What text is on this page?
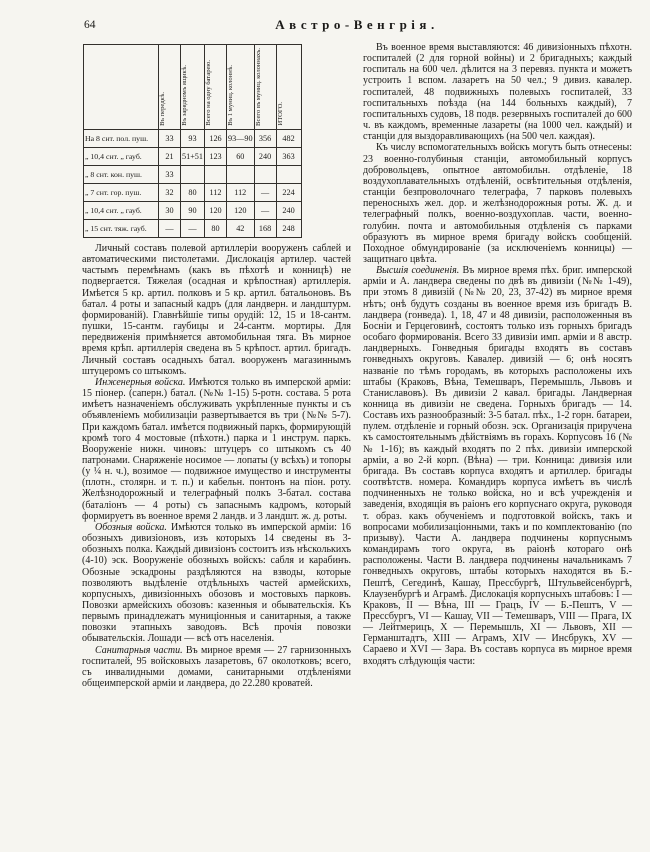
64	Австро-Венгрія.
	Въ передкѣ.	Въ зарядномъ ящикѣ.	Всего на одну батарею.	Въ 1 муниц. колоннѣ.	Всего въ муниц. колоннахъ.	ИТОГО.
На 8 снт. пол. пуш.	33	93	126	93—90	356	482
„ 10,4 снт. „ гауб.	21	51+51	123	60	240	363
„ 8 снт. кон. пуш.	33					
„ 7 снт. гор. пуш.	32	80	112	112	—	224
„ 10,4 снт. „ гауб.	30	90	120	120	—	240
„ 15 снт. тяж. гауб.	—	—	80	42	168	248

Личный составъ полевой артиллеріи вооруженъ саблей и автоматическими пистолетами. Дислокація артилер. частей частымъ перемѣнамъ (какъ въ пѣхотѣ и конницѣ) не подвергается. Тяжелая (осадная и крѣпостная) артиллерія. Имѣется 5 кр. артил. полковъ и 5 кр. артил. батальоновъ. Въ батал. 4 роты и запасный кадръ (для ландверн. и ландштурм. формированій). Главнѣйшіе типы орудій: 12, 15 и 18-сантм. пушки, 15-сантм. гаубицы и 24-сантм. мортиры. Для передвиженія примѣняется автомобильная тяга. Въ мирное время крѣп. артиллерія сведена въ 5 крѣпост. артил. бригадъ. Личный составъ осадныхъ батал. вооруженъ магазиннымъ штуцеромъ со штыкомъ.

Инженерныя войска. Имѣются только въ имперской арміи: 15 піонер. (саперн.) батал. (№№ 1-15) 5-ротн. состава. 5 рота имѣетъ назначеніемъ обслуживать укрѣпленные пункты и съ объявленіемъ мобилизаціи развертывается въ три (№№ 5-7). При каждомъ батал. имѣется подвижный паркъ, формирующій кромѣ того 4 мостовые (пѣхотн.) парка и 1 инструм. паркъ. Вооруженіе нижн. чиновъ: штуцеръ со штыкомъ съ 40 патронами. Снаряженіе носимое — лопаты (у всѣхъ) и топоры (у ¼ н. ч.), возимое — подвижное имущество и инструменты (плотн., столярн. и т. п.) и кабельн. понтонъ на піон. роту. Желѣзнодорожный и телеграфный полкъ 3-батал. состава (баталіонъ — 4 роты) съ запаснымъ кадромъ, который формируетъ въ военное время 2 ландв. и 3 ландшт. ж. д. роты.

Обозныя войска. Имѣются только въ имперской арміи: 16 обозныхъ дивизіоновъ, изъ которыхъ 14 сведены въ 3-обозныхъ полка. Каждый дивизіонъ состоитъ изъ нѣсколькихъ (4-10) эск. Вооруженіе обозныхъ войскъ: сабля и карабинъ. Обозные эскадроны раздѣляются на взводы, которые позволяютъ выдѣленіе отдѣльныхъ частей армейскихъ, корпусныхъ, дивизіонныхъ обозовъ и мостовыхъ парковъ. Повозки армейскихъ обозовъ: казенныя и обывательскія. Къ первымъ принадлежатъ муниціонныя и санитарныя, а также повозки этапныхъ заводовъ. Всѣ прочія повозки обывательскія. Лошади — всѣ отъ населенія.

Санитарныя части. Въ мирное время — 27 гарнизонныхъ госпиталей, 95 войсковыхъ лазаретовъ, 67 околотковъ; всего, съ инвалидными домами, санитарными отдѣленіями общеимперской арміи и ландвера, до 22.280 кроватей.

Въ военное время выставляются: 46 дивизіонныхъ пѣхотн. госпиталей (2 для горной войны) и 2 бригадныхъ; каждый госпиталь на 600 чел. дѣлится на 3 перевяз. пункта и можетъ устроить 1 вспом. лазаретъ на 50 чел.; 9 дивиз. кавалер. госпиталей, 48 подвижныхъ полевыхъ госпиталей, 33 госпитальныхъ поѣзда (на 144 больныхъ каждый), 7 госпитальныхъ судовъ, 18 подв. резервныхъ госпиталей до 600 ч. въ каждомъ, временные лазареты (на 1000 чел. каждый) и станціи для выздоравливающихъ (на 500 чел. каждая).

Къ числу вспомогательныхъ войскъ могутъ быть отнесены: 23 военно-голубиныя станціи, автомобильный корпусъ добровольцевъ, опытное автомобильн. отдѣленіе, 18 воздухоплавательныхъ отдѣленій, освѣтительныя отдѣленія, станціи безпроволочнаго телеграфа, 7 парковъ полевыхъ переносныхъ жел. дор. и желѣзнодорожныя роты. Ж. д. и телеграфный полкъ, военно-воздухоплав. части, военно-голубин. почта и автомобильныя отдѣленія съ парками образуютъ въ мирное время бригаду войскъ сообщеній. Походное обмундированіе (за исключеніемъ конницы) — защитнаго цвѣта.

Высшія соединенія. Въ мирное время пѣх. бриг. имперской арміи и А. ландвера сведены по двѣ въ дивизіи (№№ 1-49), при этомъ 8 дивизій (№№ 20, 23, 37-42) въ мирное время нѣтъ; онѣ будутъ созданы въ военное время изъ бригадъ В. ландвера (гонведа). 1, 18, 47 и 48 дивизіи, расположенныя въ Босніи и Герцеговинѣ, состоятъ только изъ горныхъ бригадъ особаго формированія. Всего 33 дивизіи имп. арміи и 8 австр. ландверныхъ. Гонведныя бригады входятъ въ составъ гонведныхъ округовъ. Кавалер. дивизій — 6; онѣ носятъ названіе по тѣмъ городамъ, въ которыхъ расположены ихъ штабы (Краковъ, Вѣна, Темешваръ, Перемышль, Львовъ и Станиславовъ). Въ дивизіи 2 кавал. бригады. Ландверная конница въ дивизіи не сведена. Горныхъ бригадъ — 14. Составъ ихъ разнообразный: 3-5 батал. пѣх., 1-2 горн. батареи, пулем. отдѣленіе и горный обозн. эск. Организація приручена къ самостоятельнымъ дѣйствіямъ въ горахъ. Корпусовъ 16 (№№ 1-16); въ каждый входятъ по 2 пѣх. дивизіи имперской арміи, а во 2-й корп. (Вѣна) — три. Конница: дивизія или бригада. Въ составъ корпуса входятъ и артиллер. бригады соотвѣтств. номера. Командиръ корпуса имѣетъ въ числѣ подчиненныхъ не только войска, но и всѣ учрежденія и заведенія, входящія въ раіонъ его корпуснаго округа, руководя т. образ. какъ обученіемъ и подготовкой войскъ, такъ и вопросами мобилизаціонными, такъ и по комплектованію (по призыву). Части А. ландвера подчинены корпуснымъ командирамъ того округа, въ раіонѣ котораго онѣ расположены. Части В. ландвера подчинены начальникамъ 7 гонведныхъ округовъ, штабы которыхъ находятся въ Б.-Пештѣ, Сегединѣ, Кашау, Прессбургѣ, Штульвейсенбургѣ, Клаузенбургѣ и Аграмѣ. Дислокація корпусныхъ штабовъ: I — Краковъ, II — Вѣна, III — Грацъ, IV — Б.-Пештъ, V — Прессбургъ, VI — Кашау, VII — Темешваръ, VIII — Прага, IX — Лейтмерицъ, X — Перемышль, XI — Львовъ, XII — Германштадтъ, XIII — Аграмъ, XIV — Инсбрукъ, XV — Сараево и XVI — Зара. Въ составъ корпуса въ мирное время входятъ слѣдующія части:
